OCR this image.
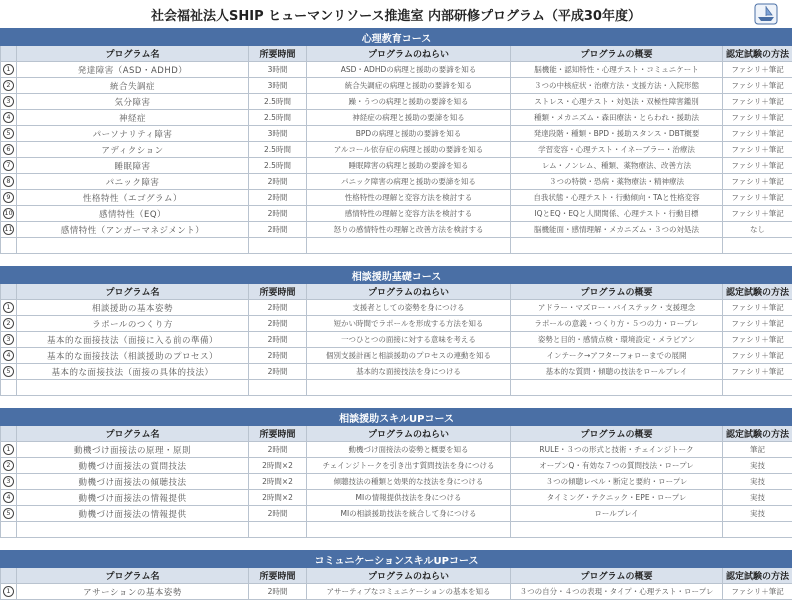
社会福祉法人SHIP ヒューマンリソース推進室 内部研修プログラム（平成30年度）
心理教育コース					
	プログラム名	所要時間	プログラムのねらい	プログラムの概要	認定試験の方法
1	発達障害（ASD・ADHD）	3時間	ASD・ADHDの病理と援助の要諦を知る	脳機能・認知特性・心理テスト・コミュニケート	ファシリ＋筆記
2	統合失調症	3時間	統合失調症の病理と援助の要諦を知る	３つの中核症状・治療方法・支援方法・入院形態	ファシリ＋筆記
3	気分障害	2.5時間	躁・うつの病理と援助の要諦を知る	ストレス・心理テスト・対処法・双極性障害鑑別	ファシリ＋筆記
4	神経症	2.5時間	神経症の病理と援助の要諦を知る	種類・メカニズム・森田療法・とらわれ・援助法	ファシリ＋筆記
5	パーソナリティ障害	3時間	BPDの病理と援助の要諦を知る	発達段階・種類・BPD・援助スタンス・DBT概要	ファシリ＋筆記
6	アディクション	2.5時間	アルコール依存症の病理と援助の要諦を知る	学習変容・心理テスト・イネーブラー・治療法	ファシリ＋筆記
7	睡眠障害	2.5時間	睡眠障害の病理と援助の要諦を知る	レム・ノンレム、種類、薬物療法、改善方法	ファシリ＋筆記
8	パニック障害	2時間	パニック障害の病理と援助の要諦を知る	３つの特徴・恐病・薬物療法・精神療法	ファシリ＋筆記
9	性格特性（エゴグラム）	2時間	性格特性の理解と変容方法を検討する	自我状態・心理テスト・行動傾向・TAと性格変容	ファシリ＋筆記
10	感情特性（EQ）	2時間	感情特性の理解と変容方法を検討する	IQとEQ・EQと人間関係、心理テスト・行動目標	ファシリ＋筆記
11	感情特性（アンガーマネジメント）	2時間	怒りの感情特性の理解と改善方法を検討する	脳機能面・感情理解・メカニズム・３つの対処法	なし

相談援助基礎コース					
	プログラム名	所要時間	プログラムのねらい	プログラムの概要	認定試験の方法
1	相談援助の基本姿勢	2時間	支援者としての姿勢を身につける	アドラー・マズロー・バイステック・支援理念	ファシリ＋筆記
2	ラポールのつくり方	2時間	短かい時間でラポールを形成する方法を知る	ラポールの意義・つくり方・５つの力・ロープレ	ファシリ＋筆記
3	基本的な面接技法（面接に入る前の準備）	2時間	一つひとつの面接に対する意味を考える	姿勢と目的・感情点検・環境設定・メラビアン	ファシリ＋筆記
4	基本的な面接技法（相談援助のプロセス）	2時間	個別支援計画と相談援助のプロセスの連動を知る	インテーク→アフターフォローまでの展開	ファシリ＋筆記
5	基本的な面接技法（面接の具体的技法）	2時間	基本的な面接技法を身につける	基本的な質問・傾聴の技法をロールプレイ	ファシリ＋筆記

相談援助スキルUPコース					
	プログラム名	所要時間	プログラムのねらい	プログラムの概要	認定試験の方法
1	動機づけ面接法の原理・原則	2時間	動機づけ面接法の姿勢と概要を知る	RULE・３つの形式と技術・チェインジトーク	筆記
2	動機づけ面接法の質問技法	2時間×2	チェインジトークを引き出す質問技法を身につける	オープンQ・有効な７つの質問技法・ロープレ	実技
3	動機づけ面接法の傾聴技法	2時間×2	傾聴技法の種類と効果的な技法を身につける	３つの傾聴レベル・断定と要約・ロープレ	実技
4	動機づけ面接法の情報提供	2時間×2	MIの情報提供技法を身につける	タイミング・テクニック・EPE・ロープレ	実技
5	動機づけ面接法の情報提供	2時間	MIの相談援助技法を統合して身につける	ロールプレイ	実技

コミュニケーションスキルUPコース					
	プログラム名	所要時間	プログラムのねらい	プログラムの概要	認定試験の方法
1	アサーションの基本姿勢	2時間	アサーティブなコミュニケーションの基本を知る	３つの自分・４つの表現・タイプ・心理テスト・ロープレ	ファシリ＋筆記
